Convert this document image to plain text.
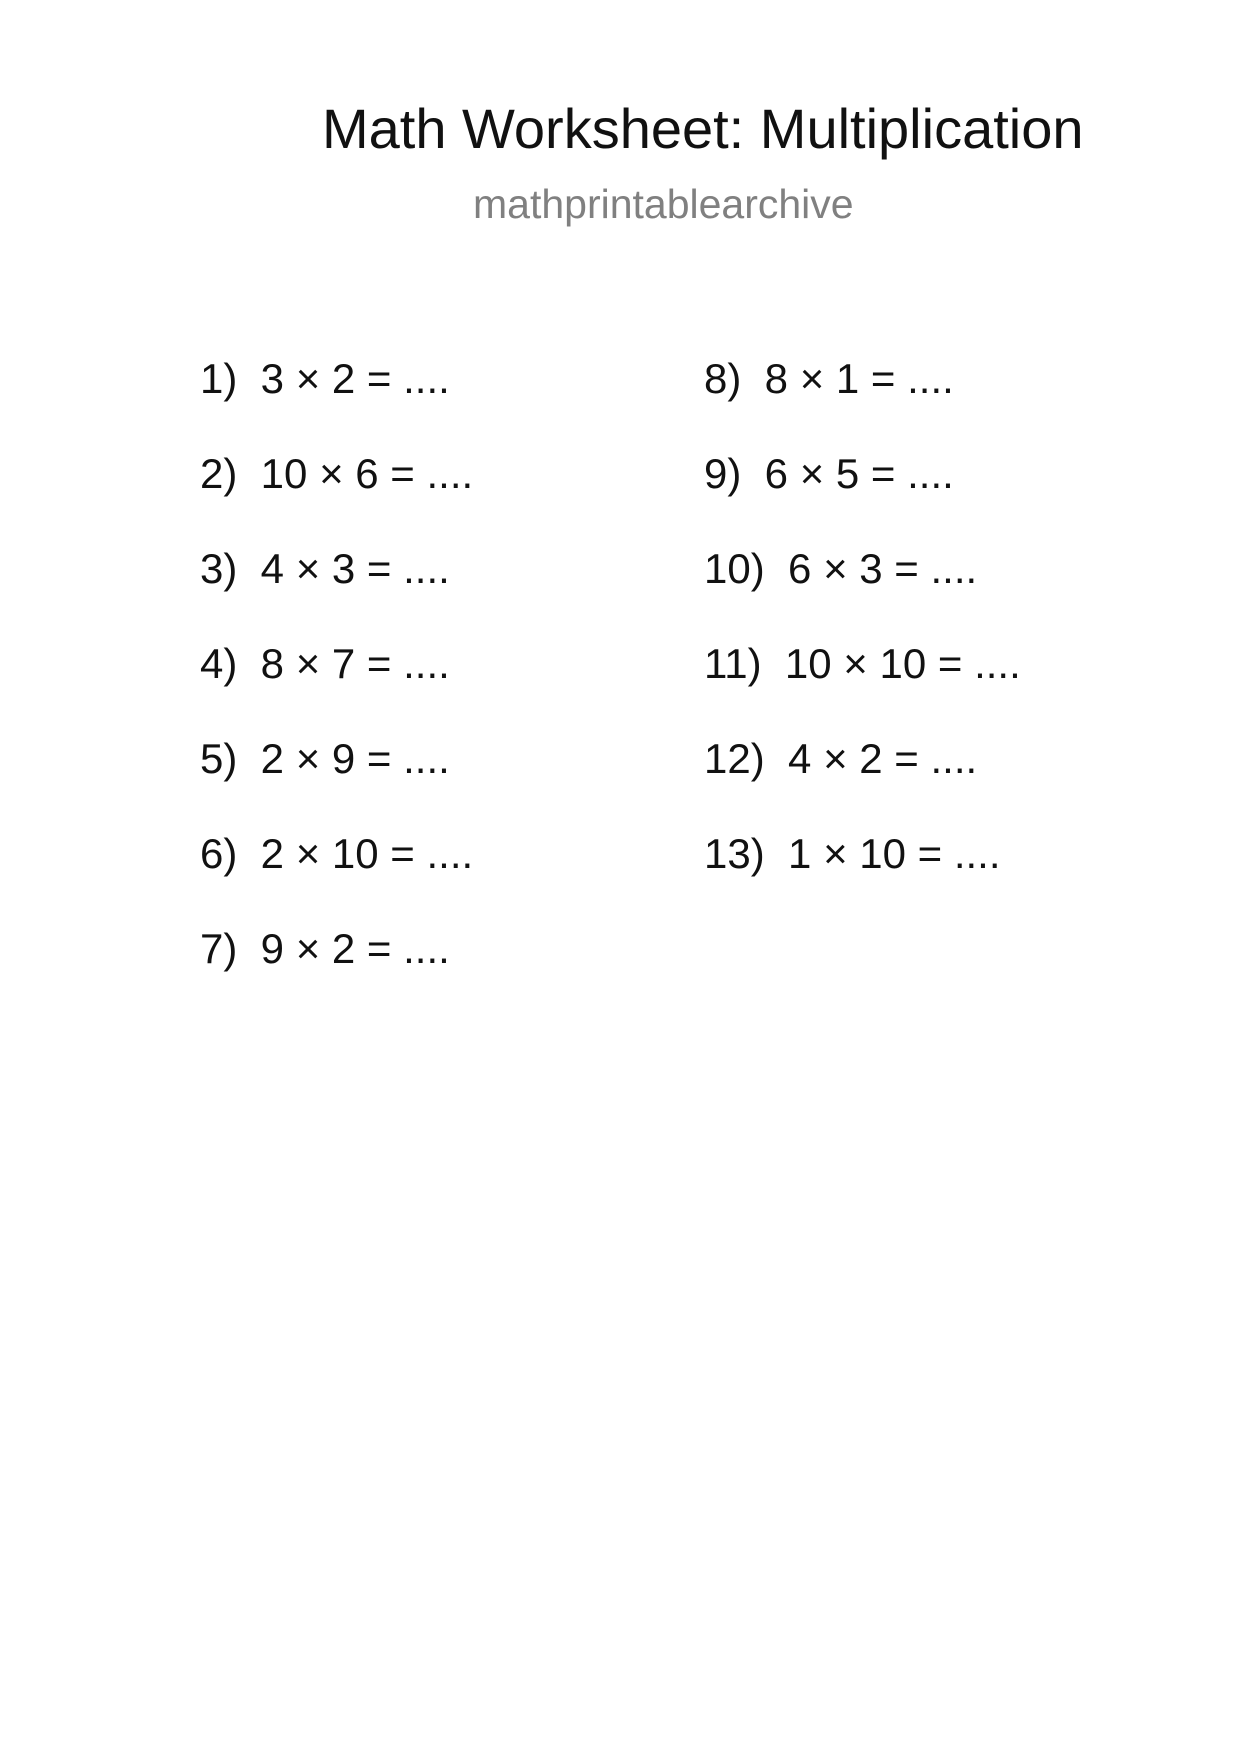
Math Worksheet: Multiplication
mathprintablearchive
1)  3 × 2 = ....
2)  10 × 6 = ....
3)  4 × 3 = ....
4)  8 × 7 = ....
5)  2 × 9 = ....
6)  2 × 10 = ....
7)  9 × 2 = ....
8)  8 × 1 = ....
9)  6 × 5 = ....
10)  6 × 3 = ....
11)  10 × 10 = ....
12)  4 × 2 = ....
13)  1 × 10 = ....
